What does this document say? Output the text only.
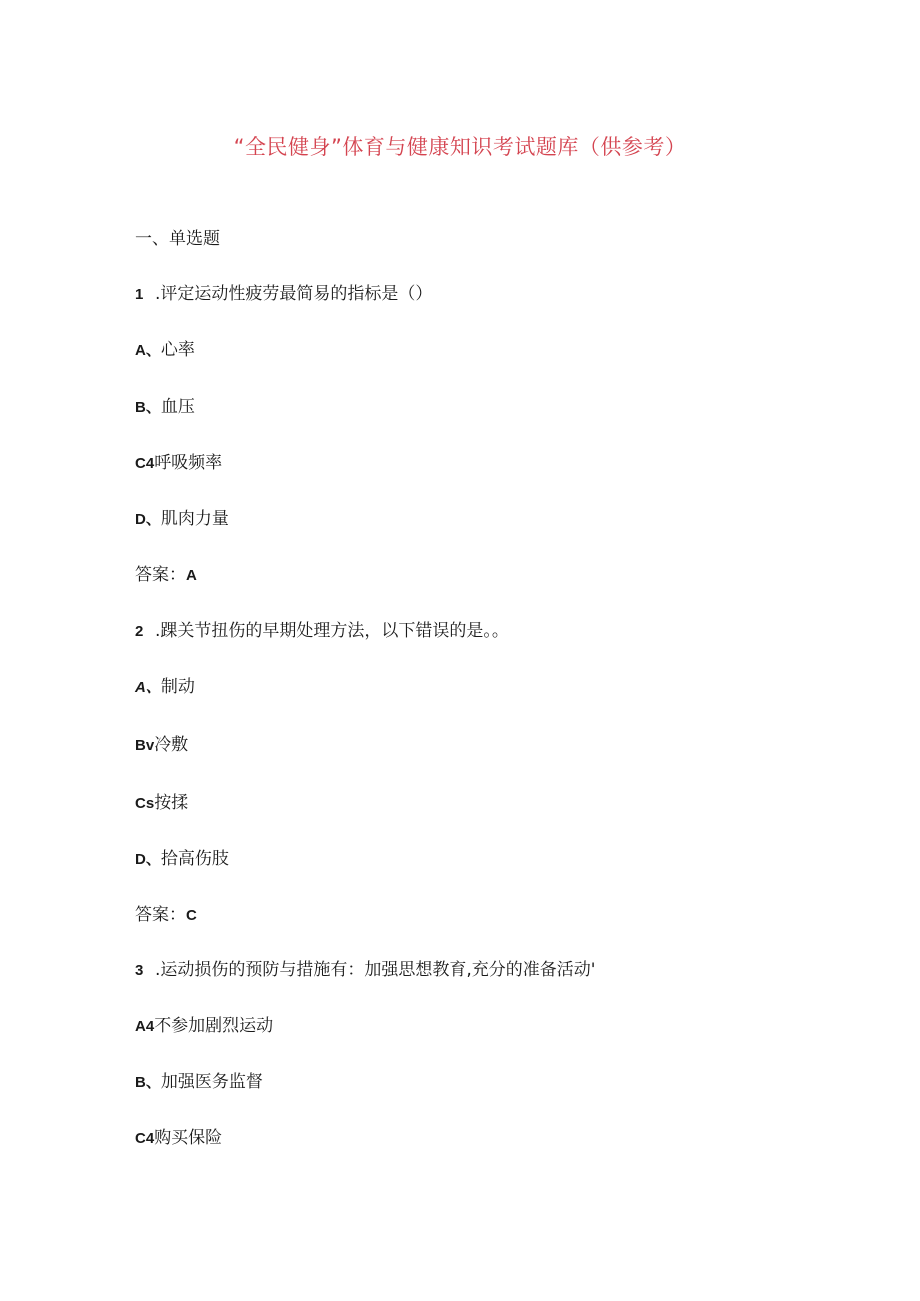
“全民健身”体育与健康知识考试题库（供参考）
一、单选题
1 .评定运动性疲劳最简易的指标是（）
A、心率
B、血压
C4呼吸频率
D、肌肉力量
答案：A
2 .踝关节扭伤的早期处理方法，以下错误的是。。
A、制动
Bv冷敷
Cs按揉
D、拾高伤肢
答案：C
3 .运动损伤的预防与措施有：加强思想教育,充分的准备活动'
A4不参加剧烈运动
B、加强医务监督
C4购买保险
